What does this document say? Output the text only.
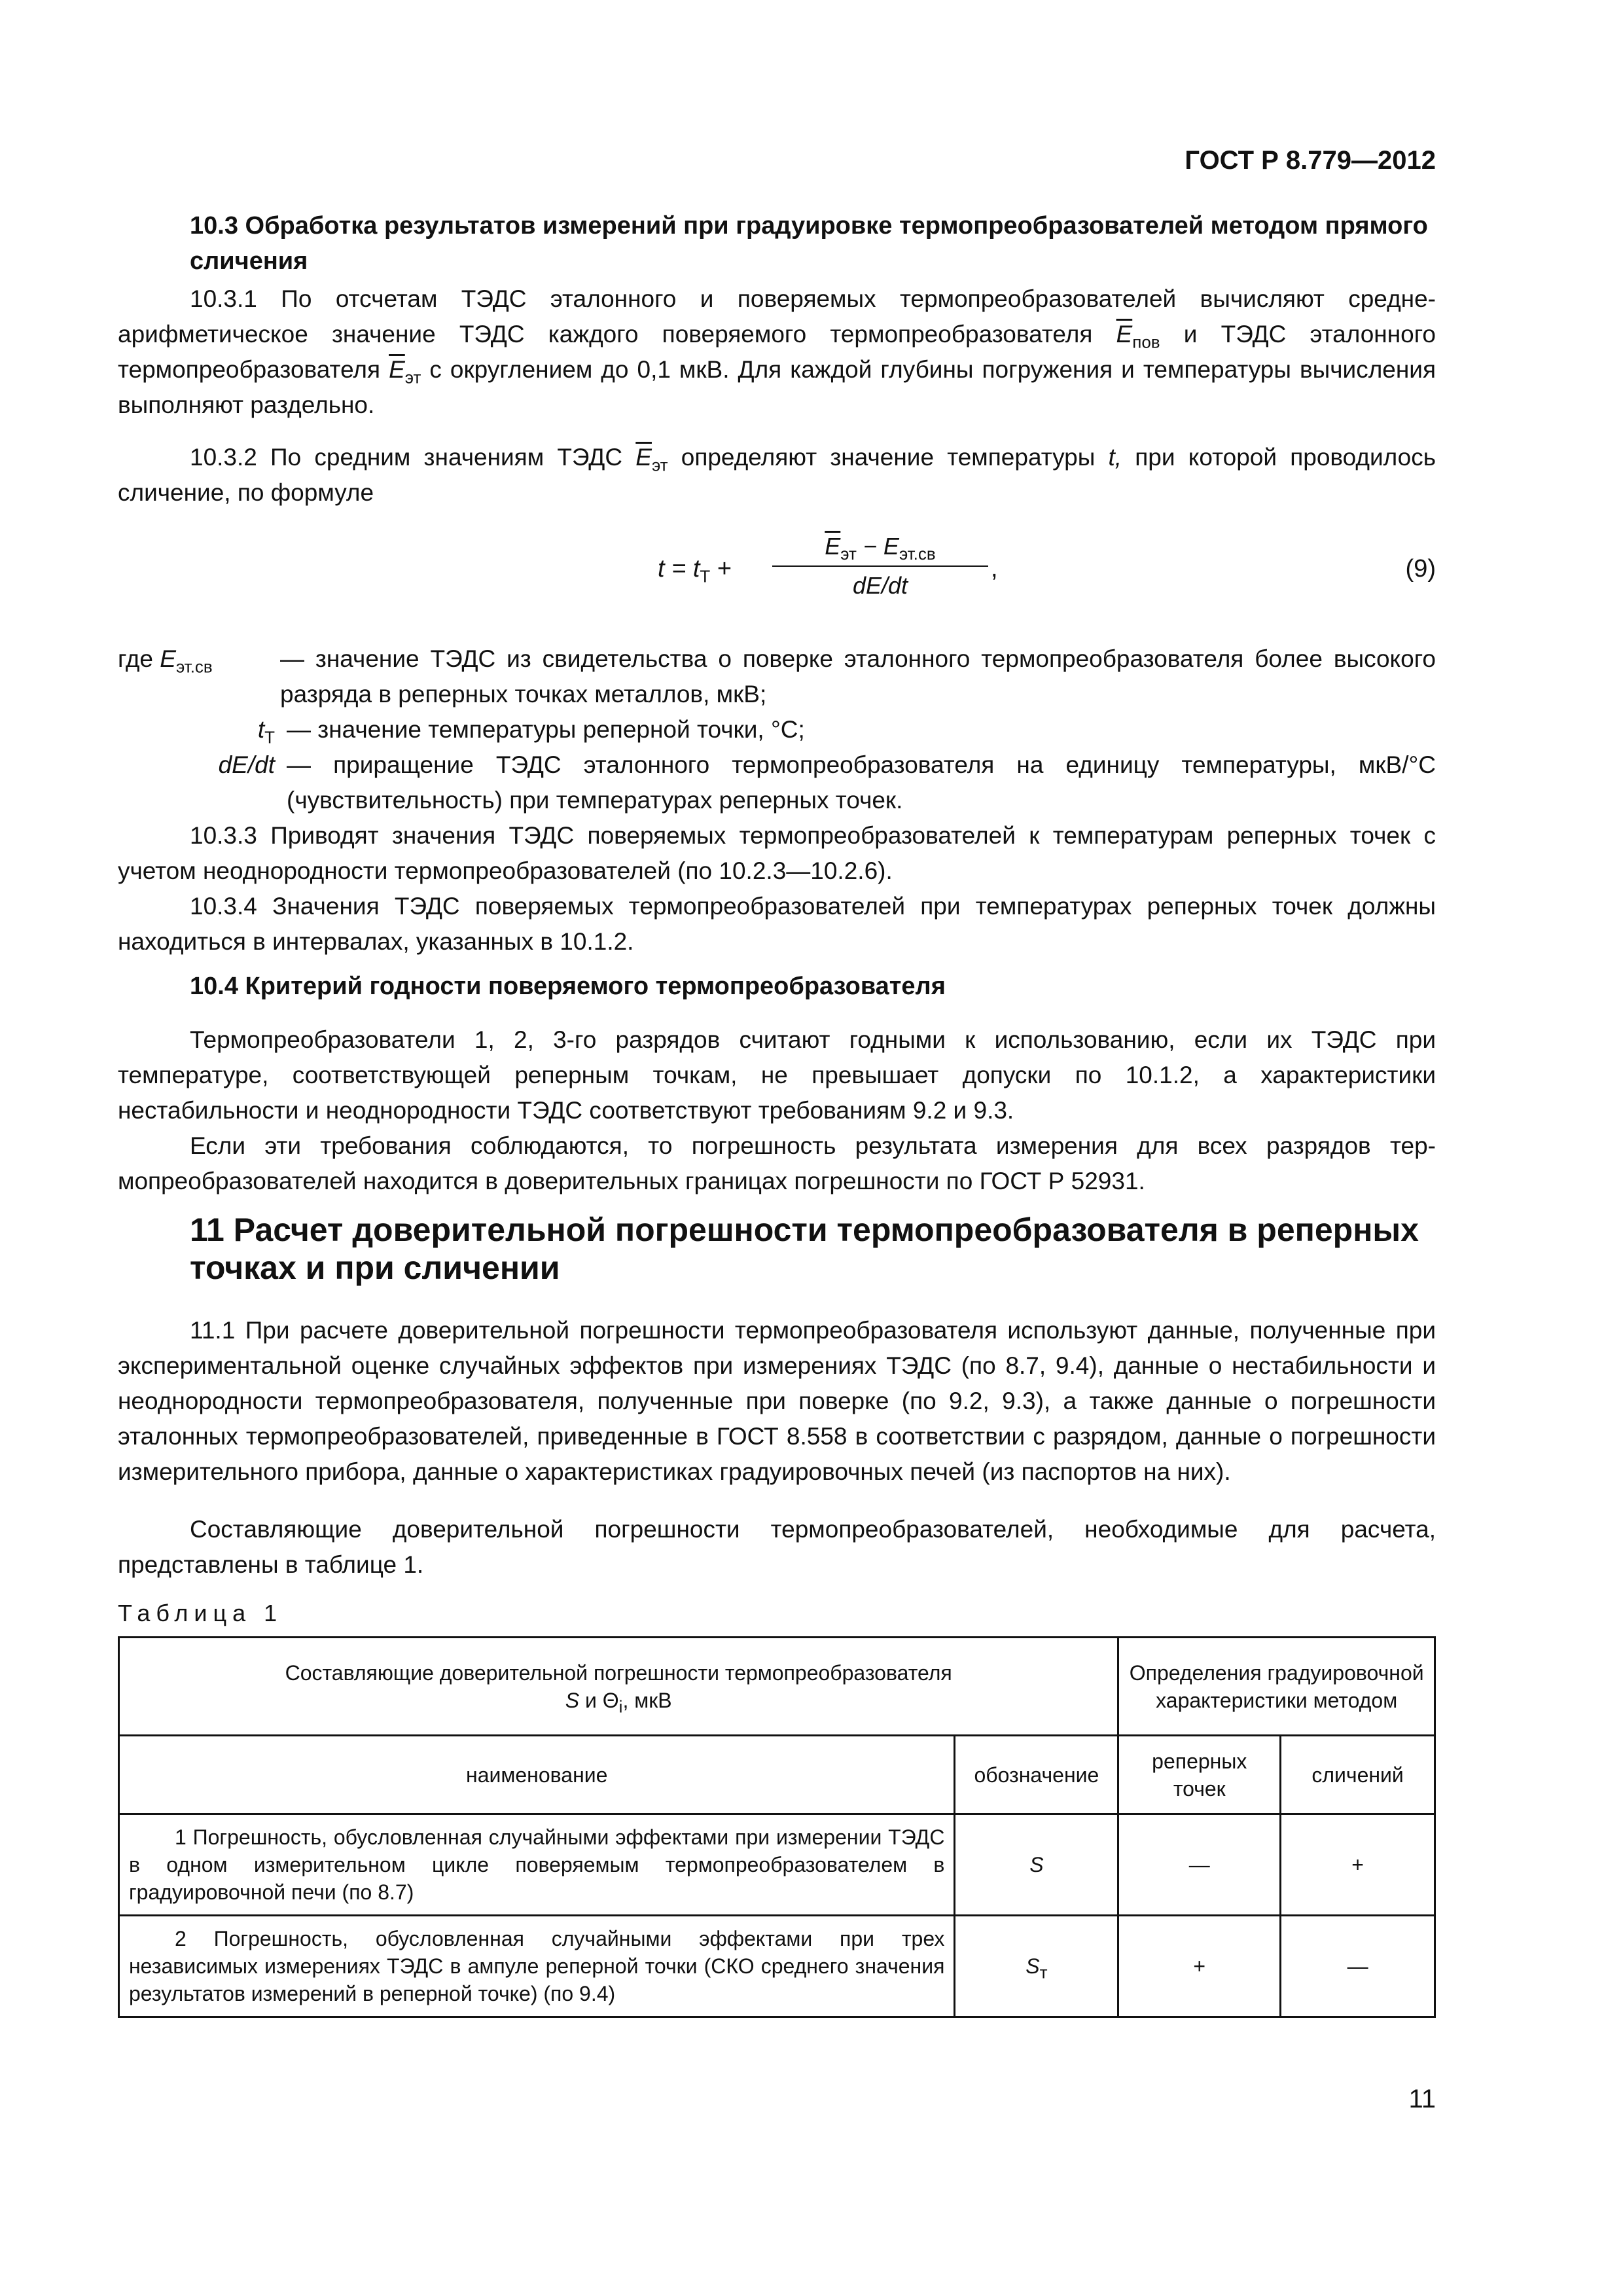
ГОСТ Р 8.779—2012
10.3 Обработка результатов измерений при градуировке термопреобразователей методом прямого сличения

10.3.1 По отсчетам ТЭДС эталонного и поверяемых термопреобразователей вычисляют среднеарифметическое значение ТЭДС каждого поверяемого термопреобразователя $\overline{E}_{пов}$ и ТЭДС эталонного термопреобразователя $\overline{E}_{эт}$ с округлением до 0,1 мкВ. Для каждой глубины погружения и температуры вычисления выполняют раздельно.

10.3.2 По средним значениям ТЭДС $\overline{E}_{эт}$ определяют значение температуры t, при которой проводилось сличение, по формуле

$t = t_Т$ +
$\overline{E}_{эт} - E_{эт.св}$
dE/dt
,	(9)
где $E_{эт.св}$	— значение ТЭДС из свидетельства о поверке эталонного термопреобразователя более высокого разряда в реперных точках металлов, мкВ;
$t_Т$ — значение температуры реперной точки, °С;
dE/dt — приращение ТЭДС эталонного термопреобразователя на единицу температуры, мкВ/°С (чувствительность) при температурах реперных точек.

10.3.3 Приводят значения ТЭДС поверяемых термопреобразователей к температурам реперных точек с учетом неоднородности термопреобразователей (по 10.2.3—10.2.6).

10.3.4 Значения ТЭДС поверяемых термопреобразователей при температурах реперных точек должны находиться в интервалах, указанных в 10.1.2.

10.4 Критерий годности поверяемого термопреобразователя

Термопреобразователи 1, 2, 3-го разрядов считают годными к использованию, если их ТЭДС при температуре, соответствующей реперным точкам, не превышает допуски по 10.1.2, а характеристики нестабильности и неоднородности ТЭДС соответствуют требованиям 9.2 и 9.3.

Если эти требования соблюдаются, то погрешность результата измерения для всех разрядов термопреобразователей находится в доверительных границах погрешности по ГОСТ Р 52931.

11 Расчет доверительной погрешности термопреобразователя в реперных точках и при сличении

11.1 При расчете доверительной погрешности термопреобразователя используют данные, полученные при экспериментальной оценке случайных эффектов при измерениях ТЭДС (по 8.7, 9.4), данные о нестабильности и неоднородности термопреобразователя, полученные при поверке (по 9.2, 9.3), а также данные о погрешности эталонных термопреобразователей, приведенные в ГОСТ 8.558 в соответствии с разрядом, данные о погрешности измерительного прибора, данные о характеристиках градуировочных печей (из паспортов на них).

Составляющие доверительной погрешности термопреобразователей, необходимые для расчета, представлены в таблице 1.

Таблица 1
Составляющие доверительной погрешности термопреобразователя
S и $\Theta_i$, мкВ		Определения градуировочной характеристики методом	
наименование	обозначение	реперных точек	сличений
1 Погрешность, обусловленная случайными эффектами при измерении ТЭДС в одном измерительном цикле поверяемым термопреобразователем в градуировочной печи (по 8.7)	S	—	+
2 Погрешность, обусловленная случайными эффектами при трех независимых измерениях ТЭДС в ампуле реперной точки (СКО среднего значения результатов измерений в реперной точке) (по 9.4)	$S_т$	+	—
11
